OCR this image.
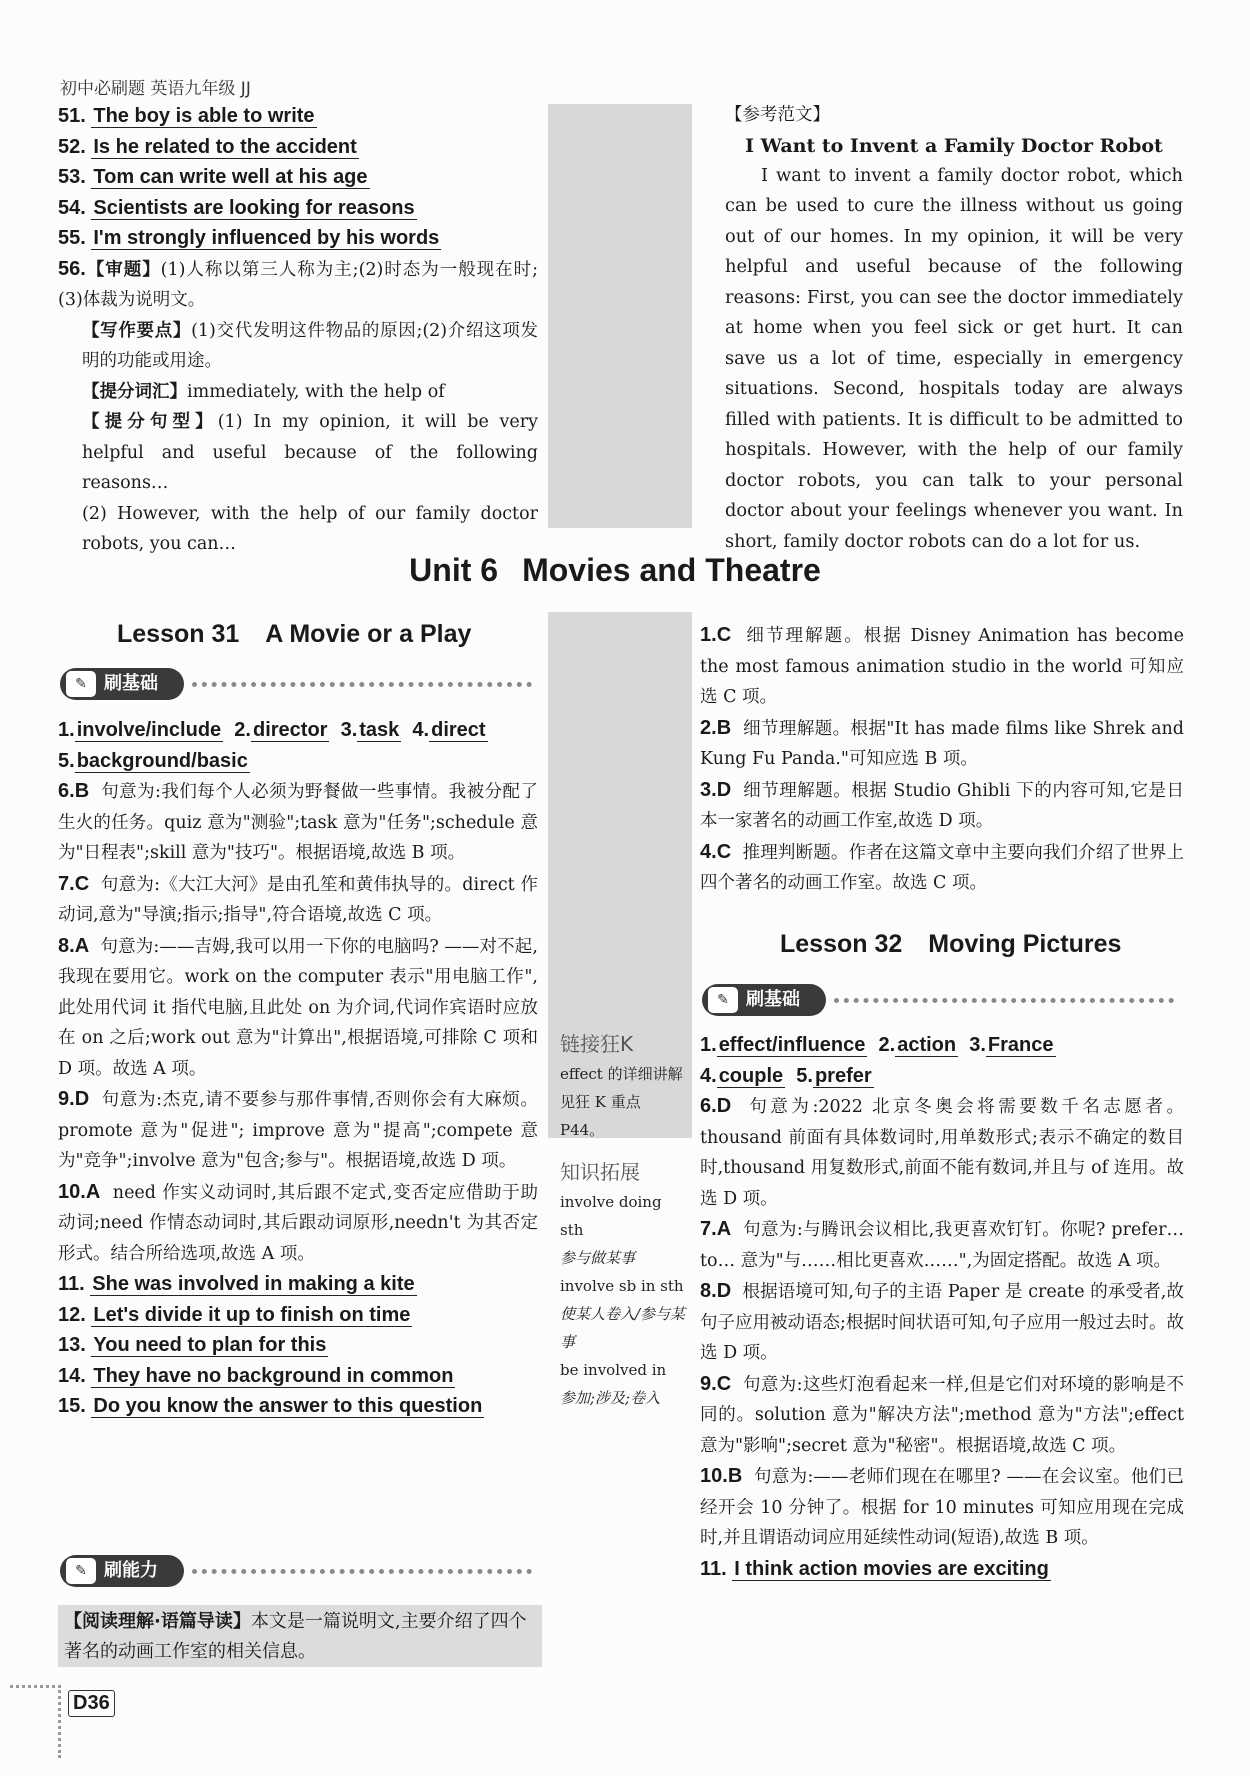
初中必刷题 英语九年级 JJ
51. The boy is able to write
52. Is he related to the accident
53. Tom can write well at his age
54. Scientists are looking for reasons
55. I'm strongly influenced by his words
56.【审题】(1)人称以第三人称为主;(2)时态为一般现在时;(3)体裁为说明文。
【写作要点】(1)交代发明这件物品的原因;(2)介绍这项发明的功能或用途。
【提分词汇】immediately, with the help of
【提分句型】(1) In my opinion, it will be very helpful and useful because of the following reasons…
(2) However, with the help of our family doctor robots, you can…
【参考范文】
I Want to Invent a Family Doctor Robot
I want to invent a family doctor robot, which can be used to cure the illness without us going out of our homes. In my opinion, it will be very helpful and useful because of the following reasons: First, you can see the doctor immediately at home when you feel sick or get hurt. It can save us a lot of time, especially in emergency situations. Second, hospitals today are always filled with patients. It is difficult to be admitted to hospitals. However, with the help of our family doctor robots, you can talk to your personal doctor about your feelings whenever you want. In short, family doctor robots can do a lot for us.
Unit 6 Movies and Theatre
Lesson 31 A Movie or a Play
✎ 刷基础
1. involve/include 2. director 3. task 4. direct
5. background/basic
6.B 句意为:我们每个人必须为野餐做一些事情。我被分配了生火的任务。quiz 意为"测验";task 意为"任务";schedule 意为"日程表";skill 意为"技巧"。根据语境,故选 B 项。
7.C 句意为:《大江大河》是由孔笙和黄伟执导的。direct 作动词,意为"导演;指示;指导",符合语境,故选 C 项。
8.A 句意为:——吉姆,我可以用一下你的电脑吗? ——对不起,我现在要用它。work on the computer 表示"用电脑工作",此处用代词 it 指代电脑,且此处 on 为介词,代词作宾语时应放在 on 之后;work out 意为"计算出",根据语境,可排除 C 项和 D 项。故选 A 项。
9.D 句意为:杰克,请不要参与那件事情,否则你会有大麻烦。promote 意为"促进"; improve 意为"提高";compete 意为"竞争";involve 意为"包含;参与"。根据语境,故选 D 项。
10.A need 作实义动词时,其后跟不定式,变否定应借助于助动词;need 作情态动词时,其后跟动词原形,needn't 为其否定形式。结合所给选项,故选 A 项。
11. She was involved in making a kite
12. Let's divide it up to finish on time
13. You need to plan for this
14. They have no background in common
15. Do you know the answer to this question
✎ 刷能力
【阅读理解·语篇导读】本文是一篇说明文,主要介绍了四个著名的动画工作室的相关信息。
链接狂K
effect 的详细讲解见狂 K 重点 P44。
知识拓展
involve doing sth
参与做某事
involve sb in sth
使某人卷入/参与某事
be involved in
参加;涉及;卷入
1.C 细节理解题。根据 Disney Animation has become the most famous animation studio in the world 可知应选 C 项。
2.B 细节理解题。根据"It has made films like Shrek and Kung Fu Panda."可知应选 B 项。
3.D 细节理解题。根据 Studio Ghibli 下的内容可知,它是日本一家著名的动画工作室,故选 D 项。
4.C 推理判断题。作者在这篇文章中主要向我们介绍了世界上四个著名的动画工作室。故选 C 项。
Lesson 32 Moving Pictures
✎ 刷基础
1. effect/influence 2. action 3. France
4. couple 5. prefer
6.D 句意为:2022 北京冬奥会将需要数千名志愿者。thousand 前面有具体数词时,用单数形式;表示不确定的数目时,thousand 用复数形式,前面不能有数词,并且与 of 连用。故选 D 项。
7.A 句意为:与腾讯会议相比,我更喜欢钉钉。你呢? prefer… to… 意为"与……相比更喜欢……",为固定搭配。故选 A 项。
8.D 根据语境可知,句子的主语 Paper 是 create 的承受者,故句子应用被动语态;根据时间状语可知,句子应用一般过去时。故选 D 项。
9.C 句意为:这些灯泡看起来一样,但是它们对环境的影响是不同的。solution 意为"解决方法";method 意为"方法";effect 意为"影响";secret 意为"秘密"。根据语境,故选 C 项。
10.B 句意为:——老师们现在在哪里? ——在会议室。他们已经开会 10 分钟了。根据 for 10 minutes 可知应用现在完成时,并且谓语动词应用延续性动词(短语),故选 B 项。
11. I think action movies are exciting
D36
